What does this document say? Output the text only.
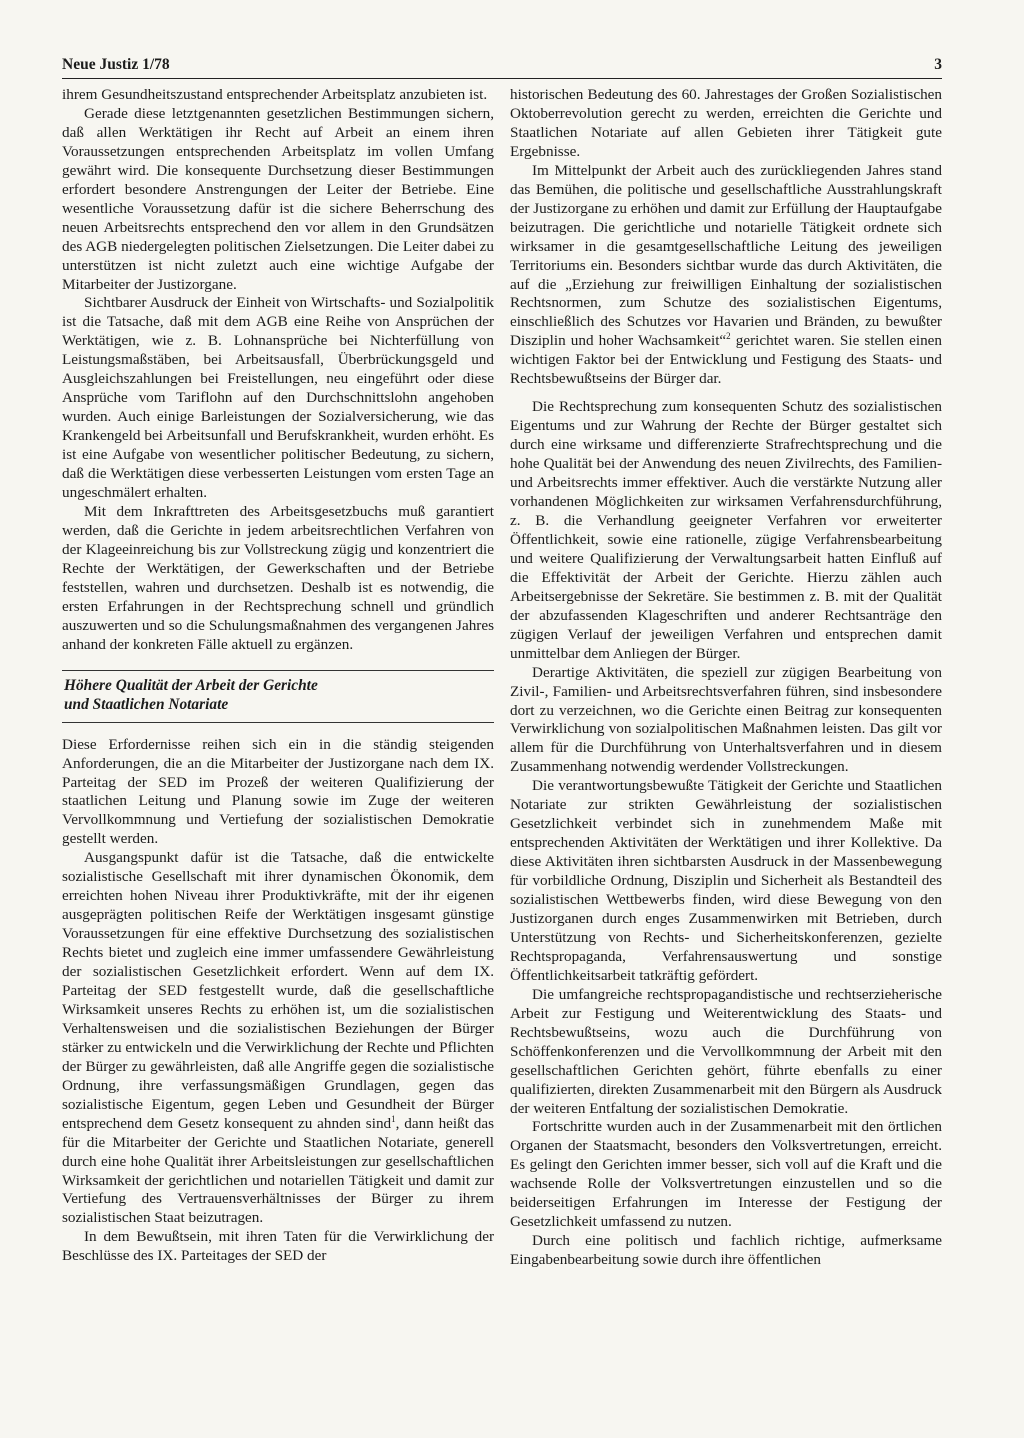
Neue Justiz 1/78	3

ihrem Gesundheitszustand entsprechender Arbeitsplatz anzubieten ist.

Gerade diese letztgenannten gesetzlichen Bestimmungen sichern, daß allen Werktätigen ihr Recht auf Arbeit an einem ihren Voraussetzungen entsprechenden Arbeitsplatz im vollen Umfang gewährt wird. Die konsequente Durchsetzung dieser Bestimmungen erfordert besondere Anstrengungen der Leiter der Betriebe. Eine wesentliche Voraussetzung dafür ist die sichere Beherrschung des neuen Arbeitsrechts entsprechend den vor allem in den Grundsätzen des AGB niedergelegten politischen Zielsetzungen. Die Leiter dabei zu unterstützen ist nicht zuletzt auch eine wichtige Aufgabe der Mitarbeiter der Justizorgane.

Sichtbarer Ausdruck der Einheit von Wirtschafts- und Sozialpolitik ist die Tatsache, daß mit dem AGB eine Reihe von Ansprüchen der Werktätigen, wie z. B. Lohnansprüche bei Nichterfüllung von Leistungsmaßstäben, bei Arbeitsausfall, Überbrückungsgeld und Ausgleichszahlungen bei Freistellungen, neu eingeführt oder diese Ansprüche vom Tariflohn auf den Durchschnittslohn angehoben wurden. Auch einige Barleistungen der Sozialversicherung, wie das Krankengeld bei Arbeitsunfall und Berufskrankheit, wurden erhöht. Es ist eine Aufgabe von wesentlicher politischer Bedeutung, zu sichern, daß die Werktätigen diese verbesserten Leistungen vom ersten Tage an ungeschmälert erhalten.

Mit dem Inkrafttreten des Arbeitsgesetzbuchs muß garantiert werden, daß die Gerichte in jedem arbeitsrechtlichen Verfahren von der Klageeinreichung bis zur Vollstreckung zügig und konzentriert die Rechte der Werktätigen, der Gewerkschaften und der Betriebe feststellen, wahren und durchsetzen. Deshalb ist es notwendig, die ersten Erfahrungen in der Rechtsprechung schnell und gründlich auszuwerten und so die Schulungsmaßnahmen des vergangenen Jahres anhand der konkreten Fälle aktuell zu ergänzen.

Höhere Qualität der Arbeit der Gerichte
und Staatlichen Notariate

Diese Erfordernisse reihen sich ein in die ständig steigenden Anforderungen, die an die Mitarbeiter der Justizorgane nach dem IX. Parteitag der SED im Prozeß der weiteren Qualifizierung der staatlichen Leitung und Planung sowie im Zuge der weiteren Vervollkommnung und Vertiefung der sozialistischen Demokratie gestellt werden.

Ausgangspunkt dafür ist die Tatsache, daß die entwickelte sozialistische Gesellschaft mit ihrer dynamischen Ökonomik, dem erreichten hohen Niveau ihrer Produktivkräfte, mit der ihr eigenen ausgeprägten politischen Reife der Werktätigen insgesamt günstige Voraussetzungen für eine effektive Durchsetzung des sozialistischen Rechts bietet und zugleich eine immer umfassendere Gewährleistung der sozialistischen Gesetzlichkeit erfordert. Wenn auf dem IX. Parteitag der SED festgestellt wurde, daß die gesellschaftliche Wirksamkeit unseres Rechts zu erhöhen ist, um die sozialistischen Verhaltensweisen und die sozialistischen Beziehungen der Bürger stärker zu entwickeln und die Verwirklichung der Rechte und Pflichten der Bürger zu gewährleisten, daß alle Angriffe gegen die sozialistische Ordnung, ihre verfassungsmäßigen Grundlagen, gegen das sozialistische Eigentum, gegen Leben und Gesundheit der Bürger entsprechend dem Gesetz konsequent zu ahnden sind$^1$, dann heißt das für die Mitarbeiter der Gerichte und Staatlichen Notariate, generell durch eine hohe Qualität ihrer Arbeitsleistungen zur gesellschaftlichen Wirksamkeit der gerichtlichen und notariellen Tätigkeit und damit zur Vertiefung des Vertrauensverhältnisses der Bürger zu ihrem sozialistischen Staat beizutragen.

In dem Bewußtsein, mit ihren Taten für die Verwirklichung der Beschlüsse des IX. Parteitages der SED der

historischen Bedeutung des 60. Jahrestages der Großen Sozialistischen Oktoberrevolution gerecht zu werden, erreichten die Gerichte und Staatlichen Notariate auf allen Gebieten ihrer Tätigkeit gute Ergebnisse.

Im Mittelpunkt der Arbeit auch des zurückliegenden Jahres stand das Bemühen, die politische und gesellschaftliche Ausstrahlungskraft der Justizorgane zu erhöhen und damit zur Erfüllung der Hauptaufgabe beizutragen. Die gerichtliche und notarielle Tätigkeit ordnete sich wirksamer in die gesamtgesellschaftliche Leitung des jeweiligen Territoriums ein. Besonders sichtbar wurde das durch Aktivitäten, die auf die „Erziehung zur freiwilligen Einhaltung der sozialistischen Rechtsnormen, zum Schutze des sozialistischen Eigentums, einschließlich des Schutzes vor Havarien und Bränden, zu bewußter Disziplin und hoher Wachsamkeit“$^2$ gerichtet waren. Sie stellen einen wichtigen Faktor bei der Entwicklung und Festigung des Staats- und Rechtsbewußtseins der Bürger dar.

Die Rechtsprechung zum konsequenten Schutz des sozialistischen Eigentums und zur Wahrung der Rechte der Bürger gestaltet sich durch eine wirksame und differenzierte Strafrechtsprechung und die hohe Qualität bei der Anwendung des neuen Zivilrechts, des Familien- und Arbeitsrechts immer effektiver. Auch die verstärkte Nutzung aller vorhandenen Möglichkeiten zur wirksamen Verfahrensdurchführung, z. B. die Verhandlung geeigneter Verfahren vor erweiterter Öffentlichkeit, sowie eine rationelle, zügige Verfahrensbearbeitung und weitere Qualifizierung der Verwaltungsarbeit hatten Einfluß auf die Effektivität der Arbeit der Gerichte. Hierzu zählen auch Arbeitsergebnisse der Sekretäre. Sie bestimmen z. B. mit der Qualität der abzufassenden Klageschriften und anderer Rechtsanträge den zügigen Verlauf der jeweiligen Verfahren und entsprechen damit unmittelbar dem Anliegen der Bürger.

Derartige Aktivitäten, die speziell zur zügigen Bearbeitung von Zivil-, Familien- und Arbeitsrechtsverfahren führen, sind insbesondere dort zu verzeichnen, wo die Gerichte einen Beitrag zur konsequenten Verwirklichung von sozialpolitischen Maßnahmen leisten. Das gilt vor allem für die Durchführung von Unterhaltsverfahren und in diesem Zusammenhang notwendig werdender Vollstreckungen.

Die verantwortungsbewußte Tätigkeit der Gerichte und Staatlichen Notariate zur strikten Gewährleistung der sozialistischen Gesetzlichkeit verbindet sich in zunehmendem Maße mit entsprechenden Aktivitäten der Werktätigen und ihrer Kollektive. Da diese Aktivitäten ihren sichtbarsten Ausdruck in der Massenbewegung für vorbildliche Ordnung, Disziplin und Sicherheit als Bestandteil des sozialistischen Wettbewerbs finden, wird diese Bewegung von den Justizorganen durch enges Zusammenwirken mit Betrieben, durch Unterstützung von Rechts- und Sicherheitskonferenzen, gezielte Rechtspropaganda, Verfahrensauswertung und sonstige Öffentlichkeitsarbeit tatkräftig gefördert.

Die umfangreiche rechtspropagandistische und rechtserzieherische Arbeit zur Festigung und Weiterentwicklung des Staats- und Rechtsbewußtseins, wozu auch die Durchführung von Schöffenkonferenzen und die Vervollkommnung der Arbeit mit den gesellschaftlichen Gerichten gehört, führte ebenfalls zu einer qualifizierten, direkten Zusammenarbeit mit den Bürgern als Ausdruck der weiteren Entfaltung der sozialistischen Demokratie.

Fortschritte wurden auch in der Zusammenarbeit mit den örtlichen Organen der Staatsmacht, besonders den Volksvertretungen, erreicht. Es gelingt den Gerichten immer besser, sich voll auf die Kraft und die wachsende Rolle der Volksvertretungen einzustellen und so die beiderseitigen Erfahrungen im Interesse der Festigung der Gesetzlichkeit umfassend zu nutzen.

Durch eine politisch und fachlich richtige, aufmerksame Eingabenbearbeitung sowie durch ihre öffentlichen
